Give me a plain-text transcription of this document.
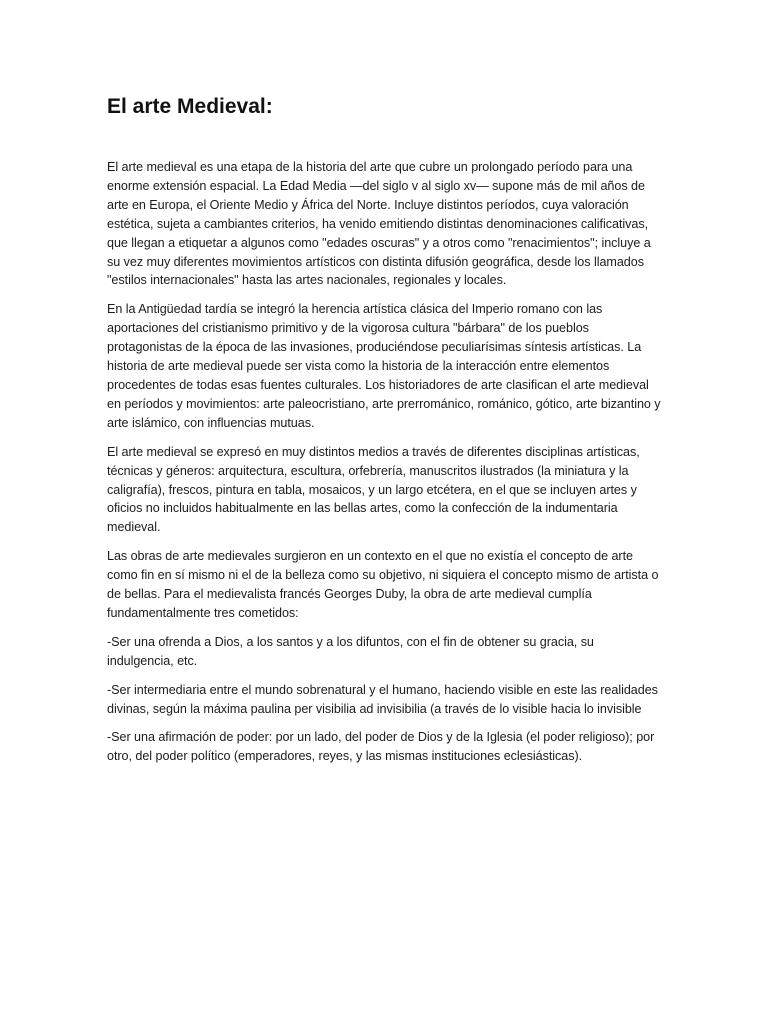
El arte Medieval:

El arte medieval es una etapa de la historia del arte que cubre un prolongado período para una enorme extensión espacial. La Edad Media —del siglo v al siglo xv— supone más de mil años de arte en Europa, el Oriente Medio y África del Norte. Incluye distintos períodos, cuya valoración estética, sujeta a cambiantes criterios, ha venido emitiendo distintas denominaciones calificativas, que llegan a etiquetar a algunos como "edades oscuras" y a otros como "renacimientos"; incluye a su vez muy diferentes movimientos artísticos con distinta difusión geográfica, desde los llamados "estilos internacionales" hasta las artes nacionales, regionales y locales.

En la Antigüedad tardía se integró la herencia artística clásica del Imperio romano con las aportaciones del cristianismo primitivo y de la vigorosa cultura "bárbara" de los pueblos protagonistas de la época de las invasiones, produciéndose peculiarísimas síntesis artísticas. La historia de arte medieval puede ser vista como la historia de la interacción entre elementos procedentes de todas esas fuentes culturales. Los historiadores de arte clasifican el arte medieval en períodos y movimientos: arte paleocristiano, arte prerrománico, románico, gótico, arte bizantino y arte islámico, con influencias mutuas.

El arte medieval se expresó en muy distintos medios a través de diferentes disciplinas artísticas, técnicas y géneros: arquitectura, escultura, orfebrería, manuscritos ilustrados (la miniatura y la caligrafía), frescos, pintura en tabla, mosaicos, y un largo etcétera, en el que se incluyen artes y oficios no incluidos habitualmente en las bellas artes, como la confección de la indumentaria medieval.

Las obras de arte medievales surgieron en un contexto en el que no existía el concepto de arte como fin en sí mismo ni el de la belleza como su objetivo, ni siquiera el concepto mismo de artista o de bellas. Para el medievalista francés Georges Duby, la obra de arte medieval cumplía fundamentalmente tres cometidos:

-Ser una ofrenda a Dios, a los santos y a los difuntos, con el fin de obtener su gracia, su indulgencia, etc.

-Ser intermediaria entre el mundo sobrenatural y el humano, haciendo visible en este las realidades divinas, según la máxima paulina per visibilia ad invisibilia (a través de lo visible hacia lo invisible

-Ser una afirmación de poder: por un lado, del poder de Dios y de la Iglesia (el poder religioso); por otro, del poder político (emperadores, reyes, y las mismas instituciones eclesiásticas).
